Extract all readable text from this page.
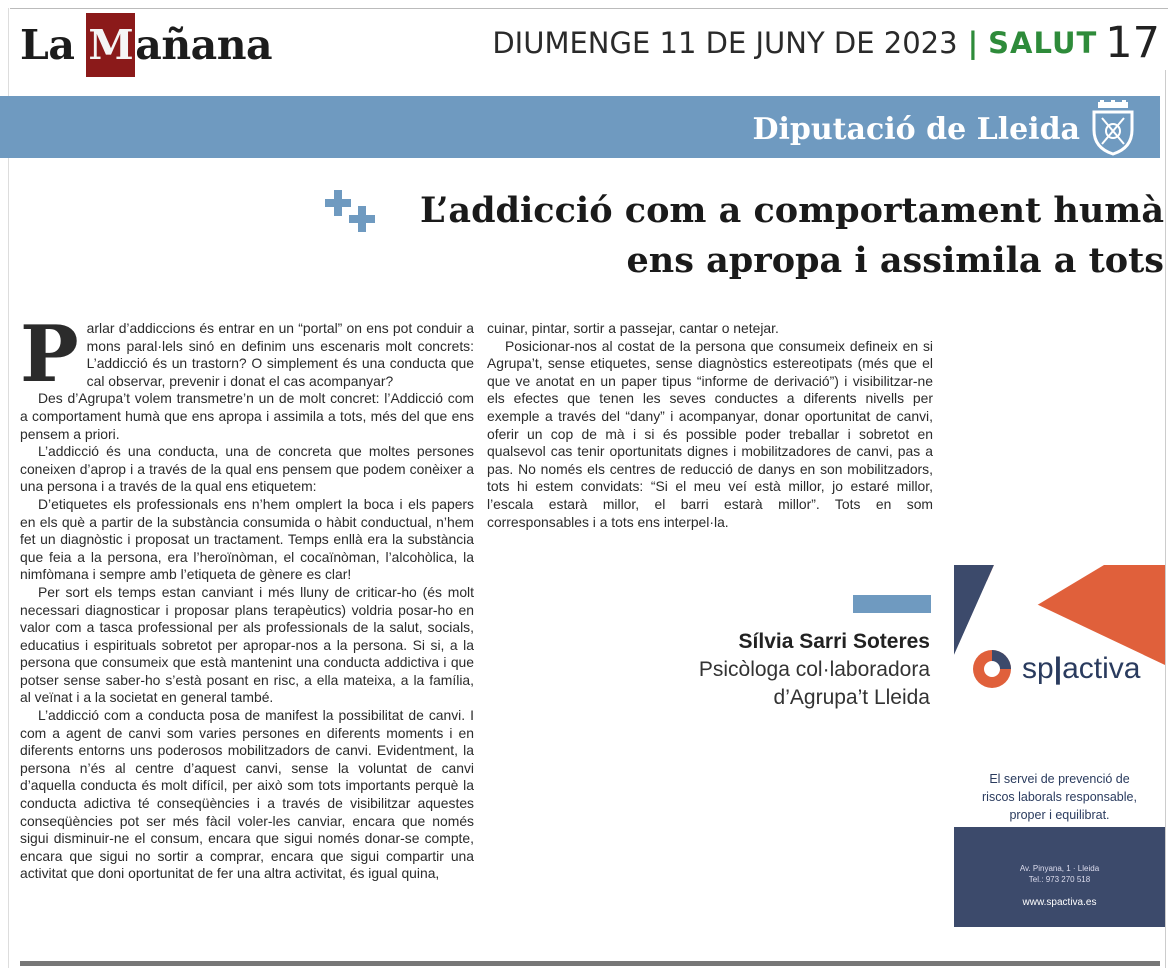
La M añana	DIUMENGE 11 DE JUNY DE 2023 | SALUT 17
Diputació de Lleida
L’addicció com a comportament humà
ens apropa i assimila a tots
P arlar d’addiccions és entrar en un “portal” on ens pot conduir a mons paral·lels sinó en definim uns escenaris molt concrets: L’addicció és un trastorn? O simplement és una conducta que cal observar, prevenir i donat el cas acompanyar?

Des d’Agrupa’t volem transmetre’n un de molt concret: l’Addicció com a comportament humà que ens apropa i assimila a tots, més del que ens pensem a priori.

L’addicció és una conducta, una de concreta que moltes persones coneixen d’aprop i a través de la qual ens pensem que podem conèixer a una persona i a través de la qual ens etiquetem:

D’etiquetes els professionals ens n’hem omplert la boca i els papers en els què a partir de la substància consumida o hàbit conductual, n’hem fet un diagnòstic i proposat un tractament. Temps enllà era la substància que feia a la persona, era l’heroïnòman, el cocaïnòman, l’alcohòlica, la nimfòmana i sempre amb l’etiqueta de gènere es clar!

Per sort els temps estan canviant i més lluny de criticar-ho (és molt necessari diagnosticar i proposar plans terapèutics) voldria posar-ho en valor com a tasca professional per als professionals de la salut, socials, educatius i espirituals sobretot per apropar-nos a la persona. Si si, a la persona que consumeix que està mantenint una conducta addictiva i que potser sense saber-ho s’està posant en risc, a ella mateixa, a la família, al veïnat i a la societat en general també.

L’addicció com a conducta posa de manifest la possibilitat de canvi. I com a agent de canvi som varies persones en diferents moments i en diferents entorns uns poderosos mobilitzadors de canvi. Evidentment, la persona n’és al centre d’aquest canvi, sense la voluntat de canvi d’aquella conducta és molt difícil, per això som tots importants perquè la conducta adictiva té conseqüències i a través de visibilitzar aquestes conseqüències pot ser més fàcil voler-les canviar, encara que només sigui disminuir-ne el consum, encara que sigui només donar-se compte, encara que sigui no sortir a comprar, encara que sigui compartir una activitat que doni oportunitat de fer una altra activitat, és igual quina,

cuinar, pintar, sortir a passejar, cantar o netejar.

Posicionar-nos al costat de la persona que consumeix defineix en si Agrupa’t, sense etiquetes, sense diagnòstics estereotipats (més que el que ve anotat en un paper tipus “informe de derivació”) i visibilitzar-ne els efectes que tenen les seves conductes a diferents nivells per exemple a través del “dany” i acompanyar, donar oportunitat de canvi, oferir un cop de mà i si és possible poder treballar i sobretot en qualsevol cas tenir oportunitats dignes i mobilitzadores de canvi, pas a pas. No només els centres de reducció de danys en son mobilitzadors, tots hi estem convidats: “Si el meu veí està millor, jo estaré millor, l’escala estarà millor, el barri estarà millor”. Tots en som corresponsables i a tots ens interpel·la.

Sílvia Sarri Soteres
Psicòloga col·laboradora
d’Agrupa’t Lleida
sp|activa
El servei de prevenció de
riscos laborals responsable,
proper i equilibrat.
Av. Pinyana, 1 · Lleida
Tel.: 973 270 518
www.spactiva.es
